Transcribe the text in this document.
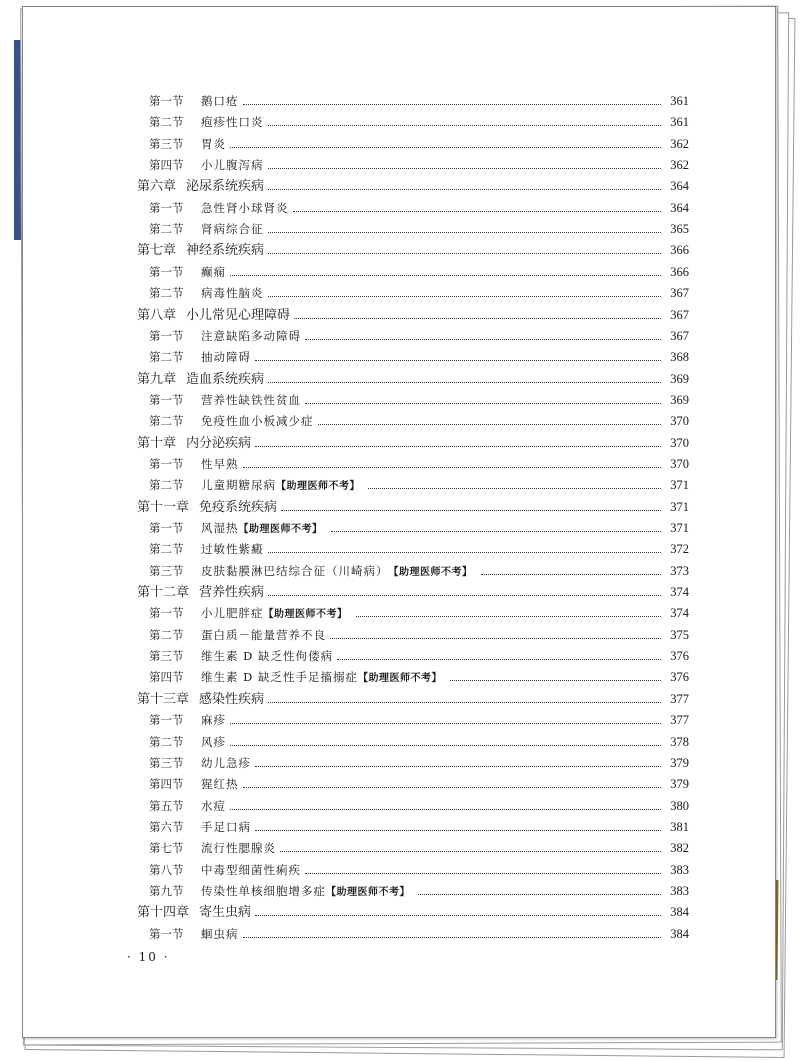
第一节	鹅口疮	361
第二节	疱疹性口炎	361
第三节	胃炎	362
第四节	小儿腹泻病	362
第六章 泌尿系统疾病	364
第一节	急性肾小球肾炎	364
第二节	肾病综合征	365
第七章 神经系统疾病	366
第一节	癫痫	366
第二节	病毒性脑炎	367
第八章 小儿常见心理障碍	367
第一节	注意缺陷多动障碍	367
第二节	抽动障碍	368
第九章 造血系统疾病	369
第一节	营养性缺铁性贫血	369
第二节	免疫性血小板减少症	370
第十章 内分泌疾病	370
第一节	性早熟	370
第二节	儿童期糖尿病 【助理医师不考】	371
第十一章 免疫系统疾病	371
第一节	风湿热 【助理医师不考】	371
第二节	过敏性紫癜	372
第三节	皮肤黏膜淋巴结综合征（川崎病） 【助理医师不考】	373
第十二章 营养性疾病	374
第一节	小儿肥胖症 【助理医师不考】	374
第二节	蛋白质－能量营养不良	375
第三节	维生素 D 缺乏性佝偻病	376
第四节	维生素 D 缺乏性手足搐搦症 【助理医师不考】	376
第十三章 感染性疾病	377
第一节	麻疹	377
第二节	风疹	378
第三节	幼儿急疹	379
第四节	猩红热	379
第五节	水痘	380
第六节	手足口病	381
第七节	流行性腮腺炎	382
第八节	中毒型细菌性痢疾	383
第九节	传染性单核细胞增多症 【助理医师不考】	383
第十四章 寄生虫病	384
第一节	蛔虫病	384
· 10 ·
